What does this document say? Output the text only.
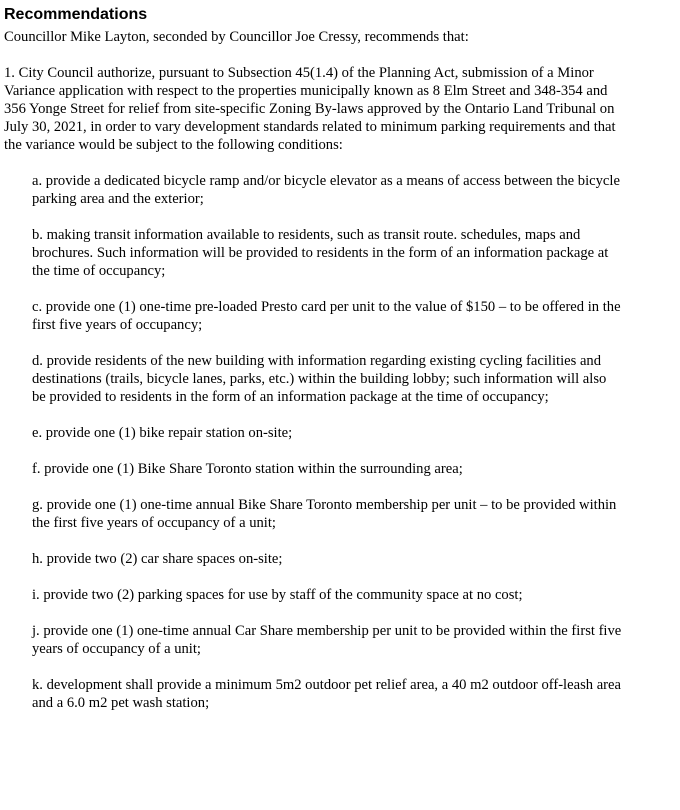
Recommendations

Councillor Mike Layton, seconded by Councillor Joe Cressy, recommends that:

1. City Council authorize, pursuant to Subsection 45(1.4) of the Planning Act, submission of a Minor Variance application with respect to the properties municipally known as 8 Elm Street and 348-354 and 356 Yonge Street for relief from site-specific Zoning By-laws approved by the Ontario Land Tribunal on July 30, 2021, in order to vary development standards related to minimum parking requirements and that the variance would be subject to the following conditions:

a. provide a dedicated bicycle ramp and/or bicycle elevator as a means of access between the bicycle parking area and the exterior;
b. making transit information available to residents, such as transit route. schedules, maps and brochures. Such information will be provided to residents in the form of an information package at the time of occupancy;
c. provide one (1) one-time pre-loaded Presto card per unit to the value of $150 – to be offered in the first five years of occupancy;
d. provide residents of the new building with information regarding existing cycling facilities and destinations (trails, bicycle lanes, parks, etc.) within the building lobby; such information will also be provided to residents in the form of an information package at the time of occupancy;
e. provide one (1) bike repair station on-site;
f. provide one (1) Bike Share Toronto station within the surrounding area;
g. provide one (1) one-time annual Bike Share Toronto membership per unit – to be provided within the first five years of occupancy of a unit;
h. provide two (2) car share spaces on-site;
i. provide two (2) parking spaces for use by staff of the community space at no cost;
j. provide one (1) one-time annual Car Share membership per unit to be provided within the first five years of occupancy of a unit;
k. development shall provide a minimum 5m2 outdoor pet relief area, a 40 m2 outdoor off-leash area and a 6.0 m2 pet wash station;
